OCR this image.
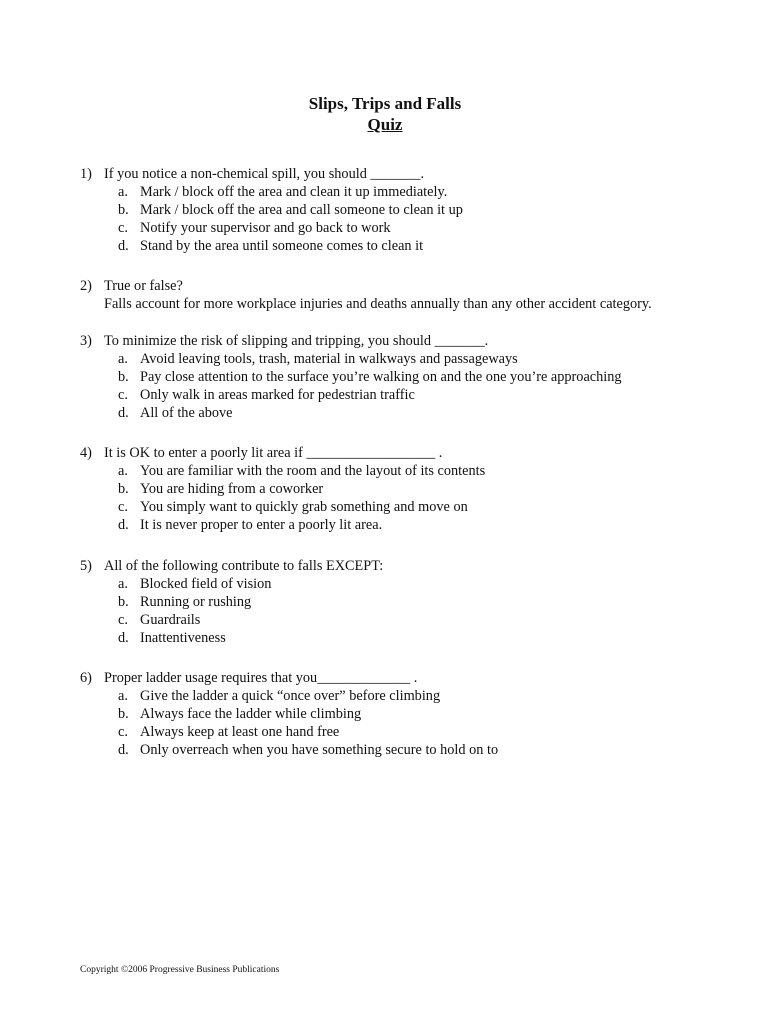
Slips, Trips and Falls
Quiz
1) If you notice a non-chemical spill, you should _______.
a. Mark / block off the area and clean it up immediately.
b. Mark / block off the area and call someone to clean it up
c. Notify your supervisor and go back to work
d. Stand by the area until someone comes to clean it
2) True or false?
Falls account for more workplace injuries and deaths annually than any other accident category.
3) To minimize the risk of slipping and tripping, you should _______.
a. Avoid leaving tools, trash, material in walkways and passageways
b. Pay close attention to the surface you’re walking on and the one you’re approaching
c. Only walk in areas marked for pedestrian traffic
d. All of the above
4) It is OK to enter a poorly lit area if __________________ .
a. You are familiar with the room and the layout of its contents
b. You are hiding from a coworker
c. You simply want to quickly grab something and move on
d. It is never proper to enter a poorly lit area.
5) All of the following contribute to falls EXCEPT:
a. Blocked field of vision
b. Running or rushing
c. Guardrails
d. Inattentiveness
6) Proper ladder usage requires that you_____________ .
a. Give the ladder a quick “once over” before climbing
b. Always face the ladder while climbing
c. Always keep at least one hand free
d. Only overreach when you have something secure to hold on to
Copyright ©2006 Progressive Business Publications
